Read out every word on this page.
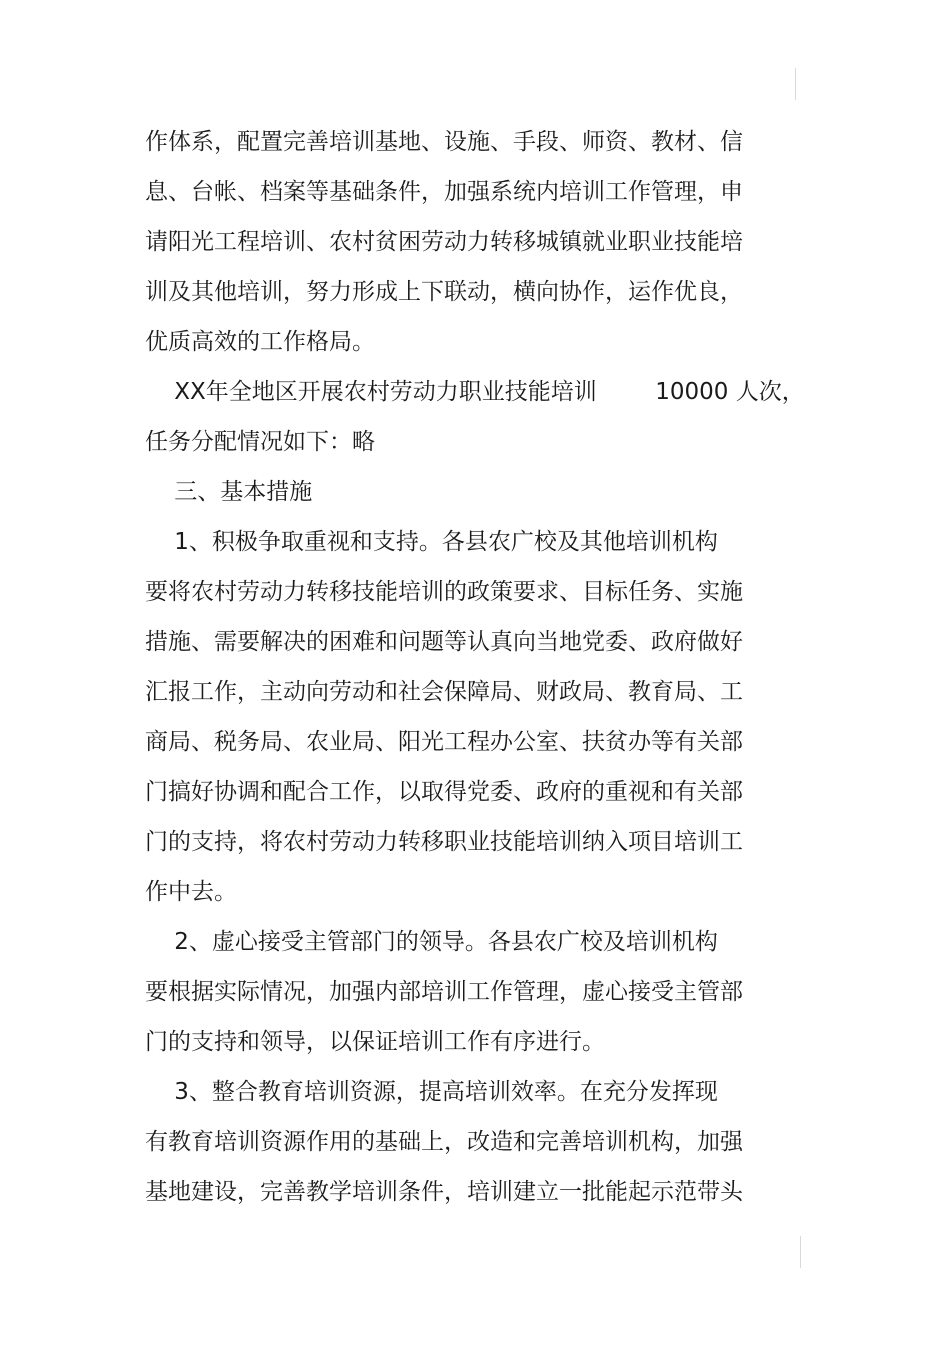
作体系，配置完善培训基地、设施、手段、师资、教材、信
息、台帐、档案等基础条件，加强系统内培训工作管理，申
请阳光工程培训、农村贫困劳动力转移城镇就业职业技能培
训及其他培训，努力形成上下联动，横向协作，运作优良，
优质高效的工作格局。
XX年全地区开展农村劳动力职业技能培训        10000 人次，
任务分配情况如下：略
三、基本措施
1、积极争取重视和支持。各县农广校及其他培训机构
要将农村劳动力转移技能培训的政策要求、目标任务、实施
措施、需要解决的困难和问题等认真向当地党委、政府做好
汇报工作，主动向劳动和社会保障局、财政局、教育局、工
商局、税务局、农业局、阳光工程办公室、扶贫办等有关部
门搞好协调和配合工作，以取得党委、政府的重视和有关部
门的支持，将农村劳动力转移职业技能培训纳入项目培训工
作中去。
2、虚心接受主管部门的领导。各县农广校及培训机构
要根据实际情况，加强内部培训工作管理，虚心接受主管部
门的支持和领导，以保证培训工作有序进行。
3、整合教育培训资源，提高培训效率。在充分发挥现
有教育培训资源作用的基础上，改造和完善培训机构，加强
基地建设，完善教学培训条件，培训建立一批能起示范带头
